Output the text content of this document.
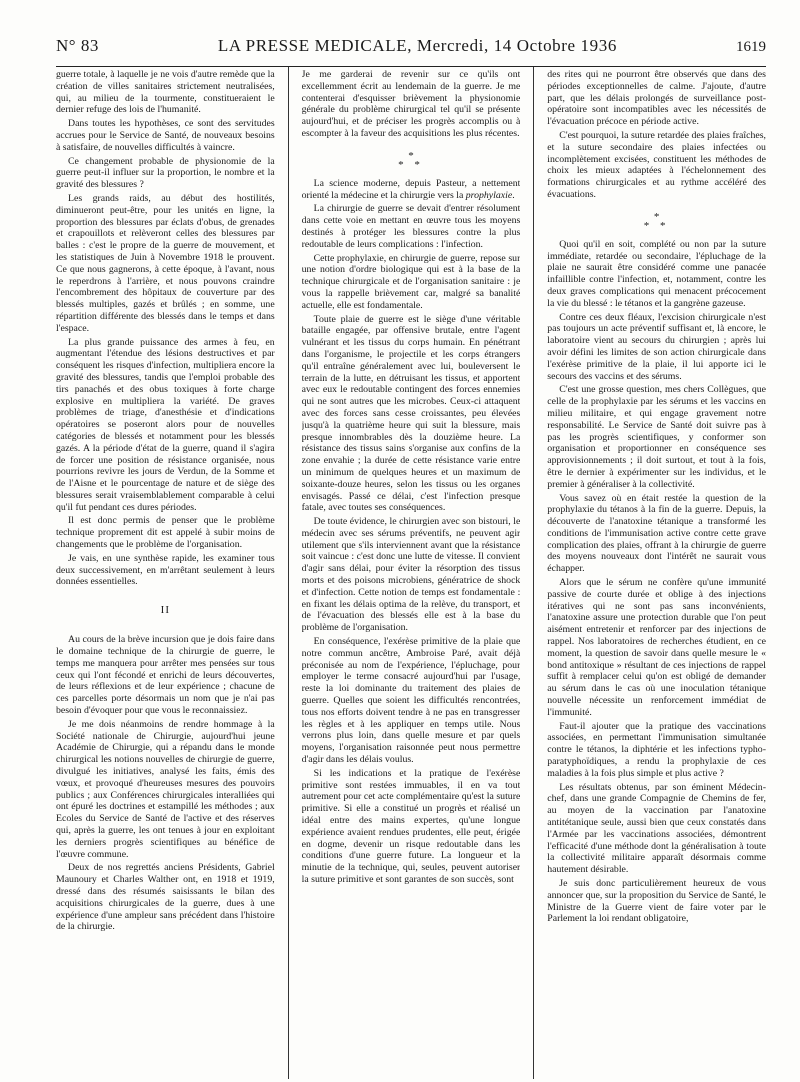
N° 83	LA PRESSE MEDICALE, Mercredi, 14 Octobre 1936	1619

guerre totale, à laquelle je ne vois d'autre remède que la création de villes sanitaires strictement neutralisées, qui, au milieu de la tourmente, constitueraient le dernier refuge des lois de l'humanité.

Dans toutes les hypothèses, ce sont des servitudes accrues pour le Service de Santé, de nouveaux besoins à satisfaire, de nouvelles difficultés à vaincre.

Ce changement probable de physionomie de la guerre peut-il influer sur la proportion, le nombre et la gravité des blessures ?

Les grands raids, au début des hostilités, diminueront peut-être, pour les unités en ligne, la proportion des blessures par éclats d'obus, de grenades et crapouillots et relèveront celles des blessures par balles : c'est le propre de la guerre de mouvement, et les statistiques de Juin à Novembre 1918 le prouvent. Ce que nous gagnerons, à cette époque, à l'avant, nous le reperdrons à l'arrière, et nous pouvons craindre l'encombrement des hôpitaux de couverture par des blessés multiples, gazés et brûlés ; en somme, une répartition différente des blessés dans le temps et dans l'espace.

La plus grande puissance des armes à feu, en augmentant l'étendue des lésions destructives et par conséquent les risques d'infection, multipliera encore la gravité des blessures, tandis que l'emploi probable des tirs panachés et des obus toxiques à forte charge explosive en multipliera la variété. De graves problèmes de triage, d'anesthésie et d'indications opératoires se poseront alors pour de nouvelles catégories de blessés et notamment pour les blessés gazés. A la période d'état de la guerre, quand il s'agira de forcer une position de résistance organisée, nous pourrions revivre les jours de Verdun, de la Somme et de l'Aisne et le pourcentage de nature et de siège des blessures serait vraisemblablement comparable à celui qu'il fut pendant ces dures périodes.

Il est donc permis de penser que le problème technique proprement dit est appelé à subir moins de changements que le problème de l'organisation.

Je vais, en une synthèse rapide, les examiner tous deux successivement, en m'arrêtant seulement à leurs données essentielles.

II

Au cours de la brève incursion que je dois faire dans le domaine technique de la chirurgie de guerre, le temps me manquera pour arrêter mes pensées sur tous ceux qui l'ont fécondé et enrichi de leurs découvertes, de leurs réflexions et de leur expérience ; chacune de ces parcelles porte désormais un nom que je n'ai pas besoin d'évoquer pour que vous le reconnaissiez.

Je me dois néanmoins de rendre hommage à la Société nationale de Chirurgie, aujourd'hui jeune Académie de Chirurgie, qui a répandu dans le monde chirurgical les notions nouvelles de chirurgie de guerre, divulgué les initiatives, analysé les faits, émis des vœux, et provoqué d'heureuses mesures des pouvoirs publics ; aux Conférences chirurgicales interalliées qui ont épuré les doctrines et estampillé les méthodes ; aux Ecoles du Service de Santé de l'active et des réserves qui, après la guerre, les ont tenues à jour en exploitant les derniers progrès scientifiques au bénéfice de l'œuvre commune.

Deux de nos regrettés anciens Présidents, Gabriel Maunoury et Charles Walther ont, en 1918 et 1919, dressé dans des résumés saisissants le bilan des acquisitions chirurgicales de la guerre, dues à une expérience d'une ampleur sans précédent dans l'histoire de la chirurgie.

Je me garderai de revenir sur ce qu'ils ont excellemment écrit au lendemain de la guerre. Je me contenterai d'esquisser brièvement la physionomie générale du problème chirurgical tel qu'il se présente aujourd'hui, et de préciser les progrès accomplis ou à escompter à la faveur des acquisitions les plus récentes.

*
* *

La science moderne, depuis Pasteur, a nettement orienté la médecine et la chirurgie vers la prophylaxie.

La chirurgie de guerre se devait d'entrer résolument dans cette voie en mettant en œuvre tous les moyens destinés à protéger les blessures contre la plus redoutable de leurs complications : l'infection.

Cette prophylaxie, en chirurgie de guerre, repose sur une notion d'ordre biologique qui est à la base de la technique chirurgicale et de l'organisation sanitaire : je vous la rappelle brièvement car, malgré sa banalité actuelle, elle est fondamentale.

Toute plaie de guerre est le siège d'une véritable bataille engagée, par offensive brutale, entre l'agent vulnérant et les tissus du corps humain. En pénétrant dans l'organisme, le projectile et les corps étrangers qu'il entraîne généralement avec lui, bouleversent le terrain de la lutte, en détruisant les tissus, et apportent avec eux le redoutable contingent des forces ennemies qui ne sont autres que les microbes. Ceux-ci attaquent avec des forces sans cesse croissantes, peu élevées jusqu'à la quatrième heure qui suit la blessure, mais presque innombrables dès la douzième heure. La résistance des tissus sains s'organise aux confins de la zone envahie ; la durée de cette résistance varie entre un minimum de quelques heures et un maximum de soixante-douze heures, selon les tissus ou les organes envisagés. Passé ce délai, c'est l'infection presque fatale, avec toutes ses conséquences.

De toute évidence, le chirurgien avec son bistouri, le médecin avec ses sérums préventifs, ne peuvent agir utilement que s'ils interviennent avant que la résistance soit vaincue : c'est donc une lutte de vitesse. Il convient d'agir sans délai, pour éviter la résorption des tissus morts et des poisons microbiens, génératrice de shock et d'infection. Cette notion de temps est fondamentale : en fixant les délais optima de la relève, du transport, et de l'évacuation des blessés elle est à la base du problème de l'organisation.

En conséquence, l'exérèse primitive de la plaie que notre commun ancêtre, Ambroise Paré, avait déjà préconisée au nom de l'expérience, l'épluchage, pour employer le terme consacré aujourd'hui par l'usage, reste la loi dominante du traitement des plaies de guerre. Quelles que soient les difficultés rencontrées, tous nos efforts doivent tendre à ne pas en transgresser les règles et à les appliquer en temps utile. Nous verrons plus loin, dans quelle mesure et par quels moyens, l'organisation raisonnée peut nous permettre d'agir dans les délais voulus.

Si les indications et la pratique de l'exérèse primitive sont restées immuables, il en va tout autrement pour cet acte complémentaire qu'est la suture primitive. Si elle a constitué un progrès et réalisé un idéal entre des mains expertes, qu'une longue expérience avaient rendues prudentes, elle peut, érigée en dogme, devenir un risque redoutable dans les conditions d'une guerre future. La longueur et la minutie de la technique, qui, seules, peuvent autoriser la suture primitive et sont garantes de son succès, sont

des rites qui ne pourront être observés que dans des périodes exceptionnelles de calme. J'ajoute, d'autre part, que les délais prolongés de surveillance post-opératoire sont incompatibles avec les nécessités de l'évacuation précoce en période active.

C'est pourquoi, la suture retardée des plaies fraîches, et la suture secondaire des plaies infectées ou incomplètement excisées, constituent les méthodes de choix les mieux adaptées à l'échelonnement des formations chirurgicales et au rythme accéléré des évacuations.

*
* *

Quoi qu'il en soit, complété ou non par la suture immédiate, retardée ou secondaire, l'épluchage de la plaie ne saurait être considéré comme une panacée infaillible contre l'infection, et, notamment, contre les deux graves complications qui menacent précocement la vie du blessé : le tétanos et la gangrène gazeuse.

Contre ces deux fléaux, l'excision chirurgicale n'est pas toujours un acte préventif suffisant et, là encore, le laboratoire vient au secours du chirurgien ; après lui avoir défini les limites de son action chirurgicale dans l'exérèse primitive de la plaie, il lui apporte ici le secours des vaccins et des sérums.

C'est une grosse question, mes chers Collègues, que celle de la prophylaxie par les sérums et les vaccins en milieu militaire, et qui engage gravement notre responsabilité. Le Service de Santé doit suivre pas à pas les progrès scientifiques, y conformer son organisation et proportionner en conséquence ses approvisionnements ; il doit surtout, et tout à la fois, être le dernier à expérimenter sur les individus, et le premier à généraliser à la collectivité.

Vous savez où en était restée la question de la prophylaxie du tétanos à la fin de la guerre. Depuis, la découverte de l'anatoxine tétanique a transformé les conditions de l'immunisation active contre cette grave complication des plaies, offrant à la chirurgie de guerre des moyens nouveaux dont l'intérêt ne saurait vous échapper.

Alors que le sérum ne confère qu'une immunité passive de courte durée et oblige à des injections itératives qui ne sont pas sans inconvénients, l'anatoxine assure une protection durable que l'on peut aisément entretenir et renforcer par des injections de rappel. Nos laboratoires de recherches étudient, en ce moment, la question de savoir dans quelle mesure le « bond antitoxique » résultant de ces injections de rappel suffit à remplacer celui qu'on est obligé de demander au sérum dans le cas où une inoculation tétanique nouvelle nécessite un renforcement immédiat de l'immunité.

Faut-il ajouter que la pratique des vaccinations associées, en permettant l'immunisation simultanée contre le tétanos, la diphtérie et les infections typho-paratyphoïdiques, a rendu la prophylaxie de ces maladies à la fois plus simple et plus active ?

Les résultats obtenus, par son éminent Médecin-chef, dans une grande Compagnie de Chemins de fer, au moyen de la vaccination par l'anatoxine antitétanique seule, aussi bien que ceux constatés dans l'Armée par les vaccinations associées, démontrent l'efficacité d'une méthode dont la généralisation à toute la collectivité militaire apparaît désormais comme hautement désirable.

Je suis donc particulièrement heureux de vous annoncer que, sur la proposition du Service de Santé, le Ministre de la Guerre vient de faire voter par le Parlement la loi rendant obligatoire,
